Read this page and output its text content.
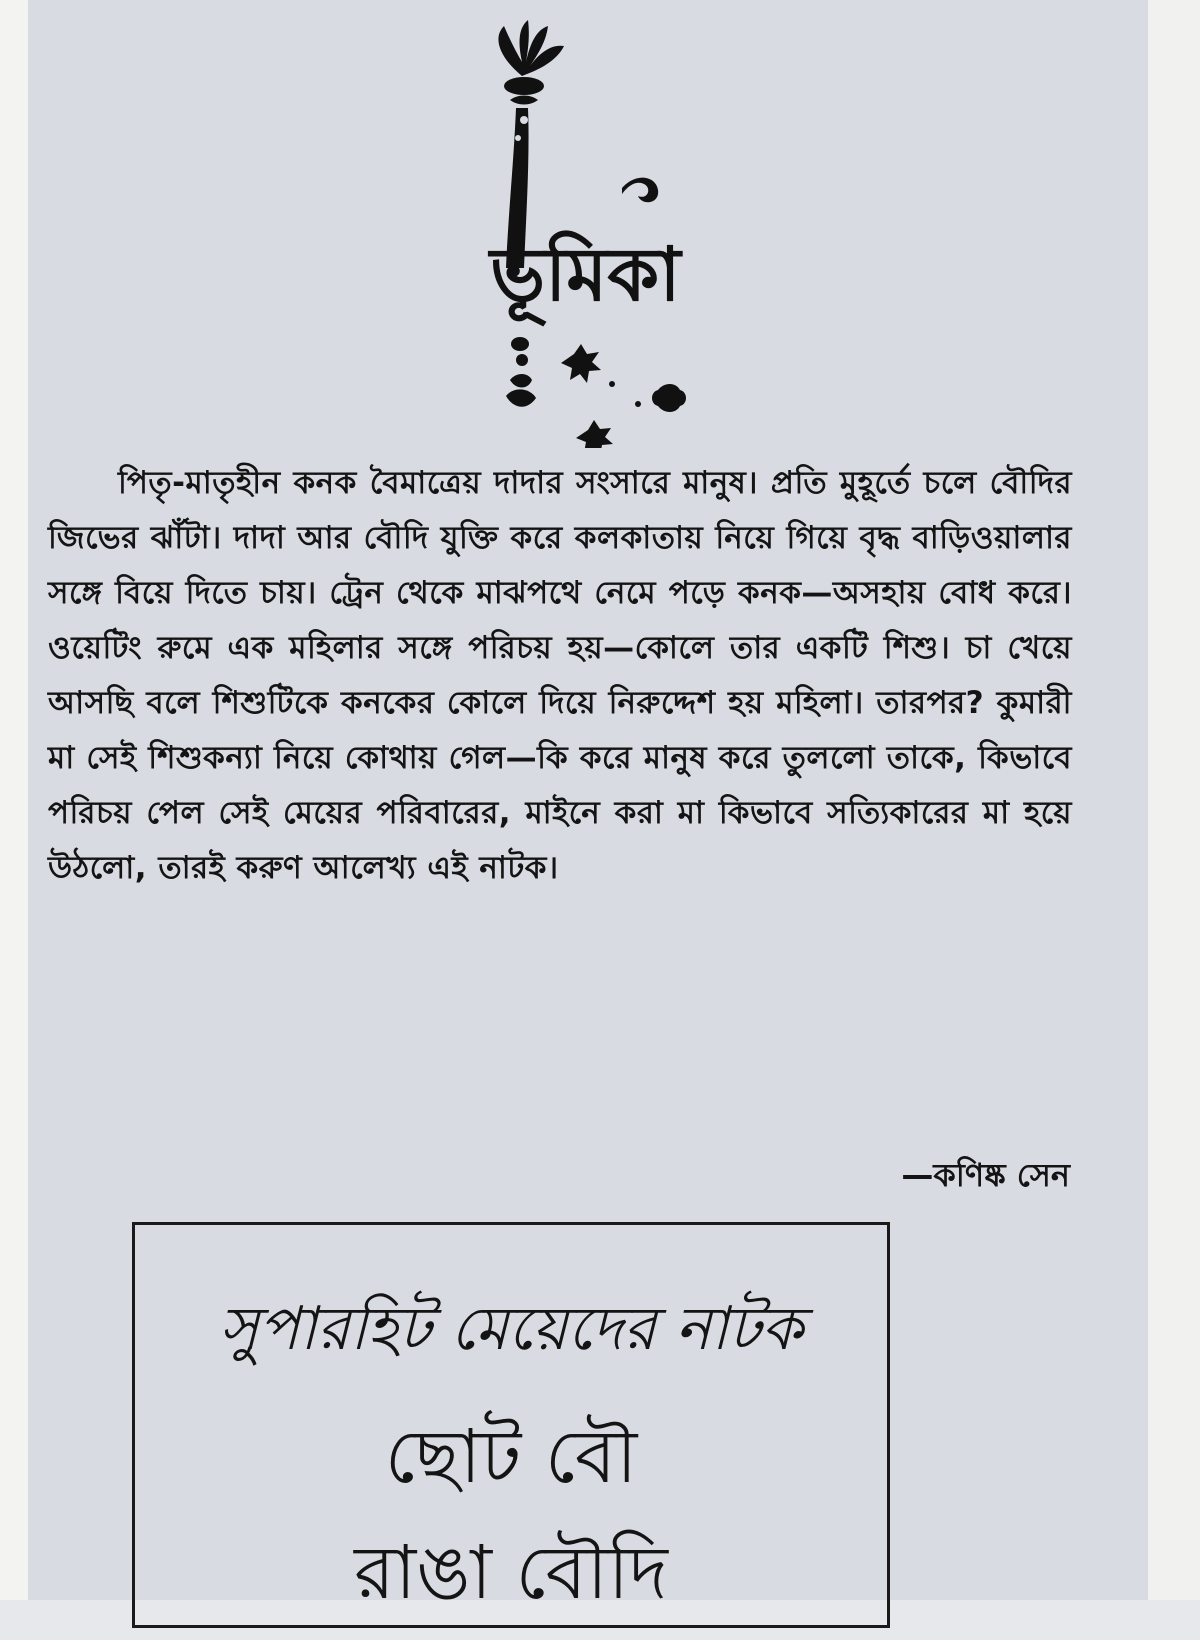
ভূমিকা
পিতৃ-মাতৃহীন কনক বৈমাত্রেয় দাদার সংসারে মানুষ। প্রতি মুহূর্তে চলে বৌদির জিভের ঝাঁটা। দাদা আর বৌদি যুক্তি করে কলকাতায় নিয়ে গিয়ে বৃদ্ধ বাড়িওয়ালার সঙ্গে বিয়ে দিতে চায়। ট্রেন থেকে মাঝপথে নেমে পড়ে কনক—অসহায় বোধ করে। ওয়েটিং রুমে এক মহিলার সঙ্গে পরিচয় হয়—কোলে তার একটি শিশু। চা খেয়ে আসছি বলে শিশুটিকে কনকের কোলে দিয়ে নিরুদ্দেশ হয় মহিলা। তারপর? কুমারী মা সেই শিশুকন্যা নিয়ে কোথায় গেল—কি করে মানুষ করে তুললো তাকে, কিভাবে পরিচয় পেল সেই মেয়ের পরিবারের, মাইনে করা মা কিভাবে সত্যিকারের মা হয়ে উঠলো, তারই করুণ আলেখ্য এই নাটক।
—কণিষ্ক সেন
সুপারহিট মেয়েদের নাটক
ছোট বৌ
রাঙা বৌদি
